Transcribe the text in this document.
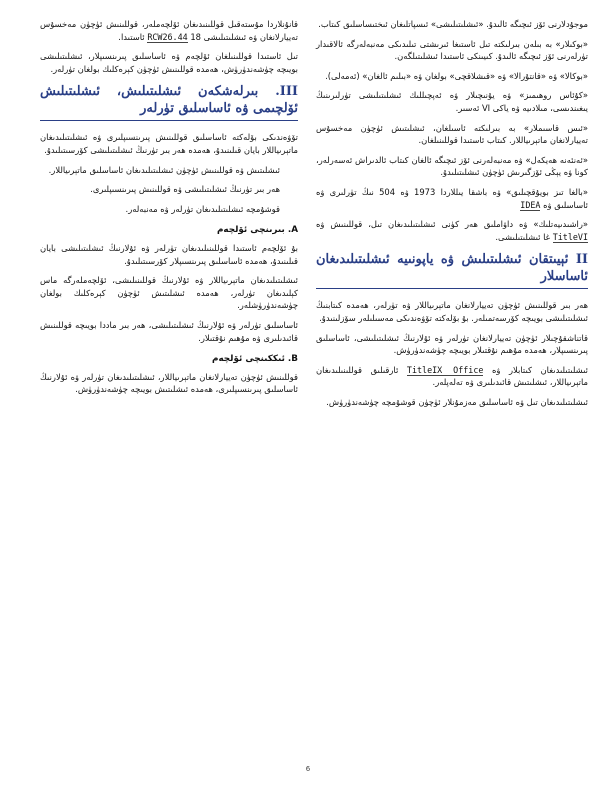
موجۇدلارنى ئۆز ئىچىگە ئالىدۇ. «ئىشلىتىلىشى» ئىسپاتلىغان ئىختىساسلىق كىتاب.

«بوكىلار» بە بىلەن بىرلىكتە تىل ئاستىغا ئىرىشتى تىلىدىكى مەنبەلەرگە ئالاقىدار تۈرلەرنى ئۆز ئىچىگە ئالىدۇ. كىيىنكى ئاستىدا ئىشلىتىلگەن.

«بوكالا» ۋە «قانتۇرالا» ۋە «قىشلاقچى» بولغان ۋە «بىلىم ئالغان» (ئەمەلى).

«كۇئاس روھىمىز» ۋە يۇنىچىلار ۋە ئەپچىللىك ئىشلىتىلىشى تۈرلىرىنىڭ يىغىندىسى، مىلادىيە ۋە ياكى VI ئەسىر.

«ئىس قاسىملار» بە بىرلىكتە ئاسىلغان، ئىشلىتىش ئۈچۈن مەخسۇس تەييارلانغان ماتېرىياللار. كىتاب ئاستىدا قوللىنىلغان.

«ئەنئەنە ھەيكەل» ۋە مەنبەلەرنى ئۆز ئىچىگە ئالغان كىتاب ئالدىراش ئەسەرلەر، كونا ۋە يېڭى ئۆزگىرىش ئۈچۈن ئىشلىتىلىدۇ.

«بالغا تىز بويۇقچىلىق» ۋە باشقا يىللاردا 1973 ۋە 504 نىڭ تۈرلىرى ۋە ئاساسلىق ۋە IDEA

«راشىدىيەتلىك» ۋە داۋاملىق ھەر كۈنى ئىشلىتىلىدىغان تىل، قوللىنىش ۋە TitleVI غا ئىشلىتىلىشى.

II ئېيىتقان ئىشلىتىلىش ۋە ياپونىيە ئىشلىتىلىدىغان ئاساسلار

ھەر بىر قوللىنىش ئۈچۈن تەييارلانغان ماتېرىياللار ۋە تۈرلەر، ھەمدە كىتابنىڭ ئىشلىتىلىشى بويىچە كۆرسەتمىلەر. بۇ بۆلەكتە تۆۋەندىكى مەسىلىلەر سۆزلىنىدۇ.

قاتناشقۇچىلار ئۈچۈن تەييارلانغان تۈرلەر ۋە ئۇلارنىڭ ئىشلىتىلىشى، ئاساسلىق پىرىنسىپلار، ھەمدە مۇھىم نۇقتىلار بويىچە چۈشەندۈرۈش.

ئىشلىتىلىدىغان كىتابلار ۋە TitleIX Office ئارقىلىق قوللىنىلىدىغان ماتېرىياللار، ئىشلىتىش قائىدىلىرى ۋە تەلەپلەر.

ئىشلىتىلىدىغان تىل ۋە ئاساسلىق مەزمۇنلار ئۈچۈن قوشۇمچە چۈشەندۈرۈش.

قانۇنلاردا مۇستەقىل قوللىنىدىغان ئۆلچەملەر، قوللىنىش ئۈچۈن مەخسۇس تەييارلانغان ۋە ئىشلىتىلىشى 18 RCW26.44 ئاستىدا.

تىل ئاستىدا قوللىنىلغان ئۆلچەم ۋە ئاساسلىق پىرىنسىپلار، ئىشلىتىلىشى بويىچە چۈشەندۈرۈش، ھەمدە قوللىنىش ئۈچۈن كېرەكلىك بولغان تۈرلەر.

III. بىرلەشكەن ئىشلىتىلىش، ئىشلىتىلىش ئۆلچىمى ۋە ئاساسلىق تۈرلەر

تۆۋەندىكى بۆلەكتە ئاساسلىق قوللىنىش پىرىنسىپلىرى ۋە ئىشلىتىلىدىغان ماتېرىياللار بايان قىلىنىدۇ، ھەمدە ھەر بىر تۈرنىڭ ئىشلىتىلىشى كۆرسىتىلىدۇ.

ئىشلىتىش ۋە قوللىنىش ئۈچۈن ئىشلىتىلىدىغان ئاساسلىق ماتېرىياللار.

ھەر بىر تۈرنىڭ ئىشلىتىلىشى ۋە قوللىنىش پىرىنسىپلىرى.

قوشۇمچە ئىشلىتىلىدىغان تۈرلەر ۋە مەنبەلەر.

A. بىرىنچى ئۆلچەم

بۇ ئۆلچەم ئاستىدا قوللىنىلىدىغان تۈرلەر ۋە ئۇلارنىڭ ئىشلىتىلىشى بايان قىلىنىدۇ، ھەمدە ئاساسلىق پىرىنسىپلار كۆرسىتىلىدۇ.

ئىشلىتىلىدىغان ماتېرىياللار ۋە ئۇلارنىڭ قوللىنىلىشى، ئۆلچەملەرگە ماس كېلىدىغان تۈرلەر، ھەمدە ئىشلىتىش ئۈچۈن كېرەكلىك بولغان چۈشەندۈرۈشلەر.

ئاساسلىق تۈرلەر ۋە ئۇلارنىڭ ئىشلىتىلىشى، ھەر بىر ماددا بويىچە قوللىنىش قائىدىلىرى ۋە مۇھىم نۇقتىلار.

B. ئىككىنچى ئۆلچەم

قوللىنىش ئۈچۈن تەييارلانغان ماتېرىياللار، ئىشلىتىلىدىغان تۈرلەر ۋە ئۇلارنىڭ ئاساسلىق پىرىنسىپلىرى، ھەمدە ئىشلىتىش بويىچە چۈشەندۈرۈش.

6
